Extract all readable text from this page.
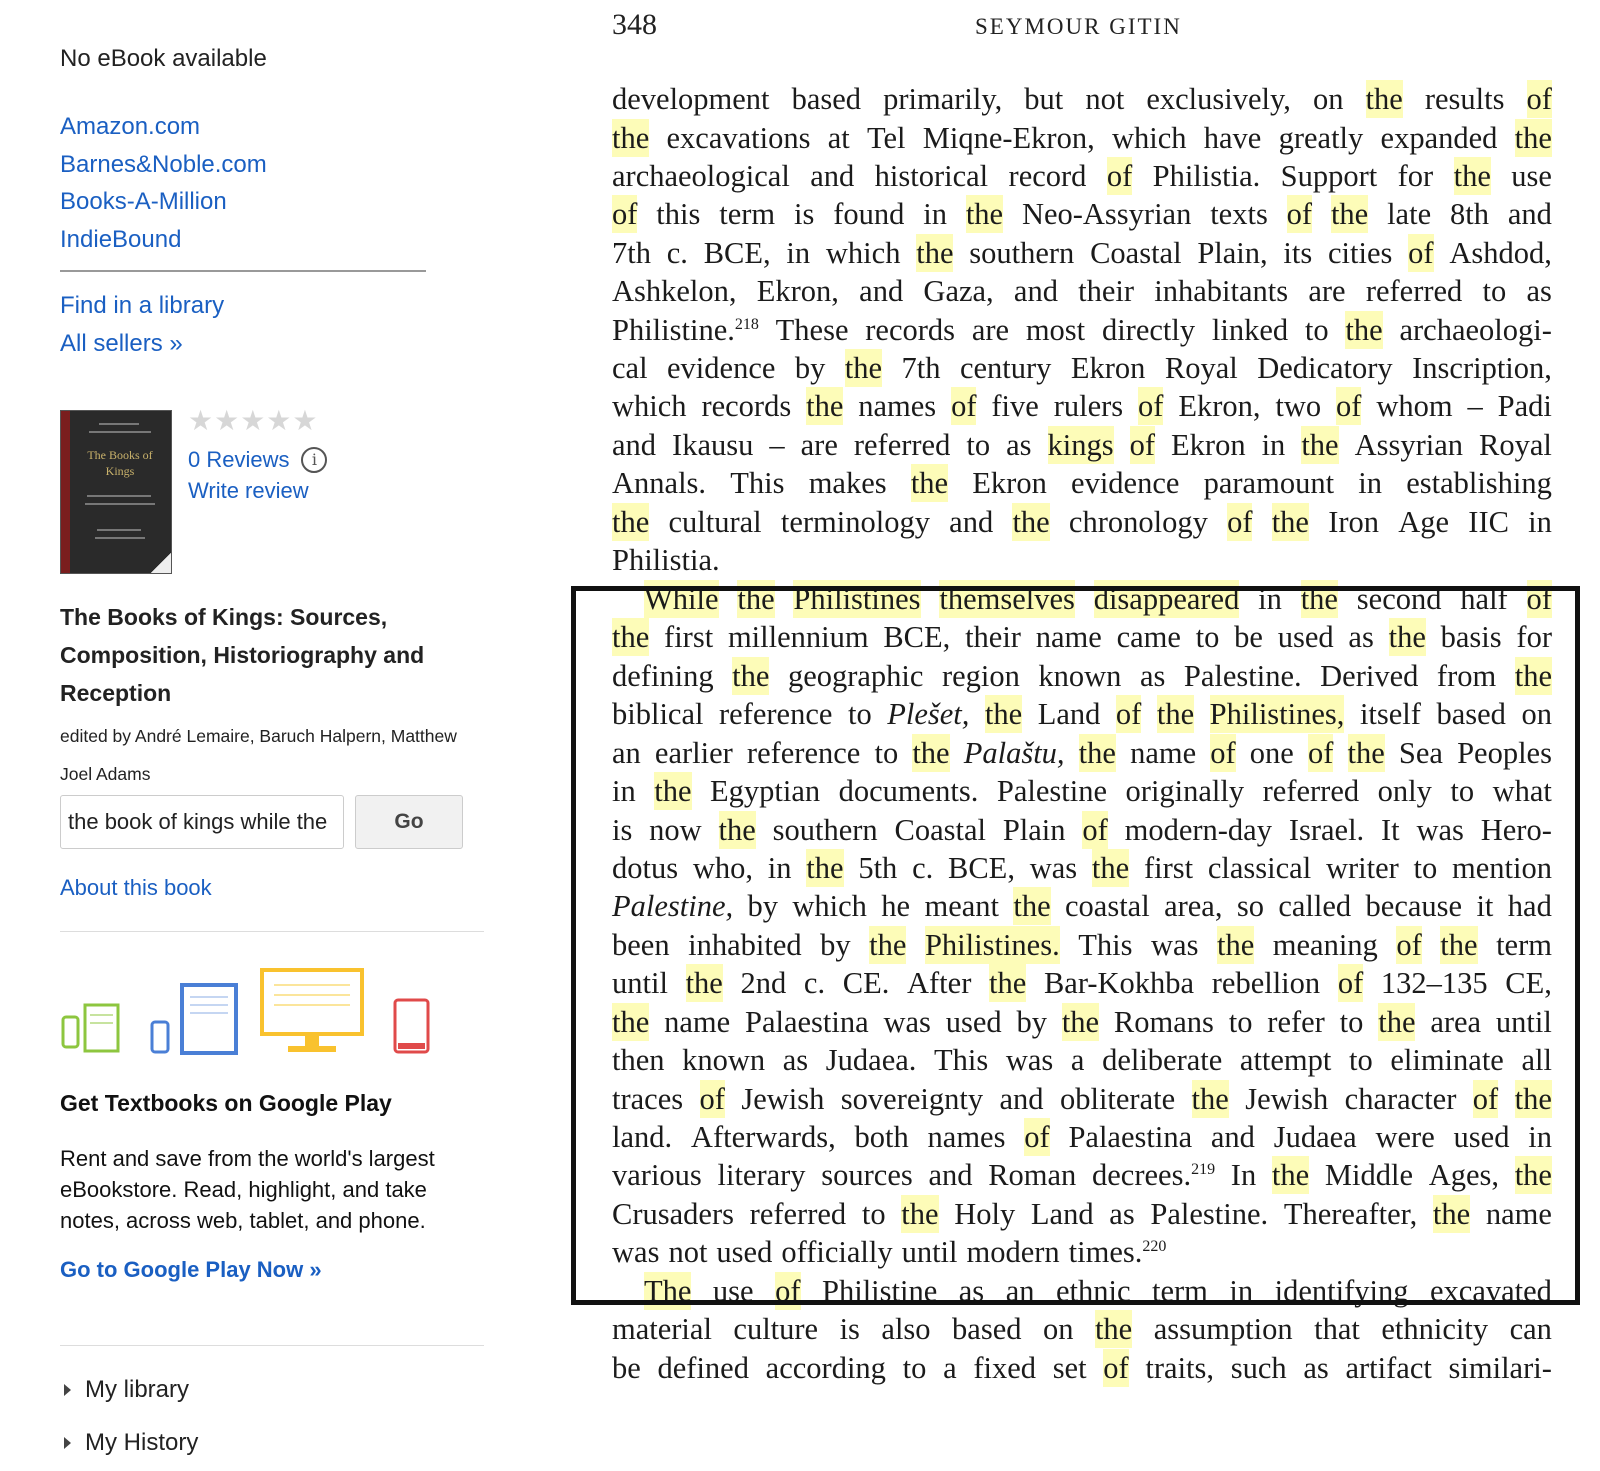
No eBook available
Amazon.com
Barnes&Noble.com
Books-A-Million
IndieBound
Find in a library
All sellers »
The Books of Kings
★★★★★
0 Reviews	i
Write review
The Books of Kings: Sources, Composition, Historiography and Reception
edited by André Lemaire, Baruch Halpern, Matthew Joel Adams
the book of kings while the
Go
About this book
Get Textbooks on Google Play
Rent and save from the world's largest eBookstore. Read, highlight, and take notes, across web, tablet, and phone.
Go to Google Play Now »
My library
My History
348	SEYMOUR GITIN
development based primarily, but not exclusively, on the results of
the excavations at Tel Miqne-Ekron, which have greatly expanded the
archaeological and historical record of Philistia. Support for the use
of this term is found in the Neo-Assyrian texts of the late 8th and
7th c. BCE, in which the southern Coastal Plain, its cities of Ashdod,
Ashkelon, Ekron, and Gaza, and their inhabitants are referred to as
Philistine.$^{218}$ These records are most directly linked to the archaeologi-
cal evidence by the 7th century Ekron Royal Dedicatory Inscription,
which records the names of five rulers of Ekron, two of whom – Padi
and Ikausu – are referred to as kings of Ekron in the Assyrian Royal
Annals. This makes the Ekron evidence paramount in establishing
the cultural terminology and the chronology of the Iron Age IIC in
Philistia.
While the Philistines themselves disappeared in the second half of
the first millennium BCE, their name came to be used as the basis for
defining the geographic region known as Palestine. Derived from the
biblical reference to Plešet, the Land of the Philistines, itself based on
an earlier reference to the Palaštu, the name of one of the Sea Peoples
in the Egyptian documents. Palestine originally referred only to what
is now the southern Coastal Plain of modern-day Israel. It was Hero-
dotus who, in the 5th c. BCE, was the first classical writer to mention
Palestine, by which he meant the coastal area, so called because it had
been inhabited by the Philistines. This was the meaning of the term
until the 2nd c. CE. After the Bar-Kokhba rebellion of 132–135 CE,
the name Palaestina was used by the Romans to refer to the area until
then known as Judaea. This was a deliberate attempt to eliminate all
traces of Jewish sovereignty and obliterate the Jewish character of the
land. Afterwards, both names of Palaestina and Judaea were used in
various literary sources and Roman decrees.$^{219}$ In the Middle Ages, the
Crusaders referred to the Holy Land as Palestine. Thereafter, the name
was not used officially until modern times.$^{220}$
The use of Philistine as an ethnic term in identifying excavated
material culture is also based on the assumption that ethnicity can
be defined according to a fixed set of traits, such as artifact similari-
